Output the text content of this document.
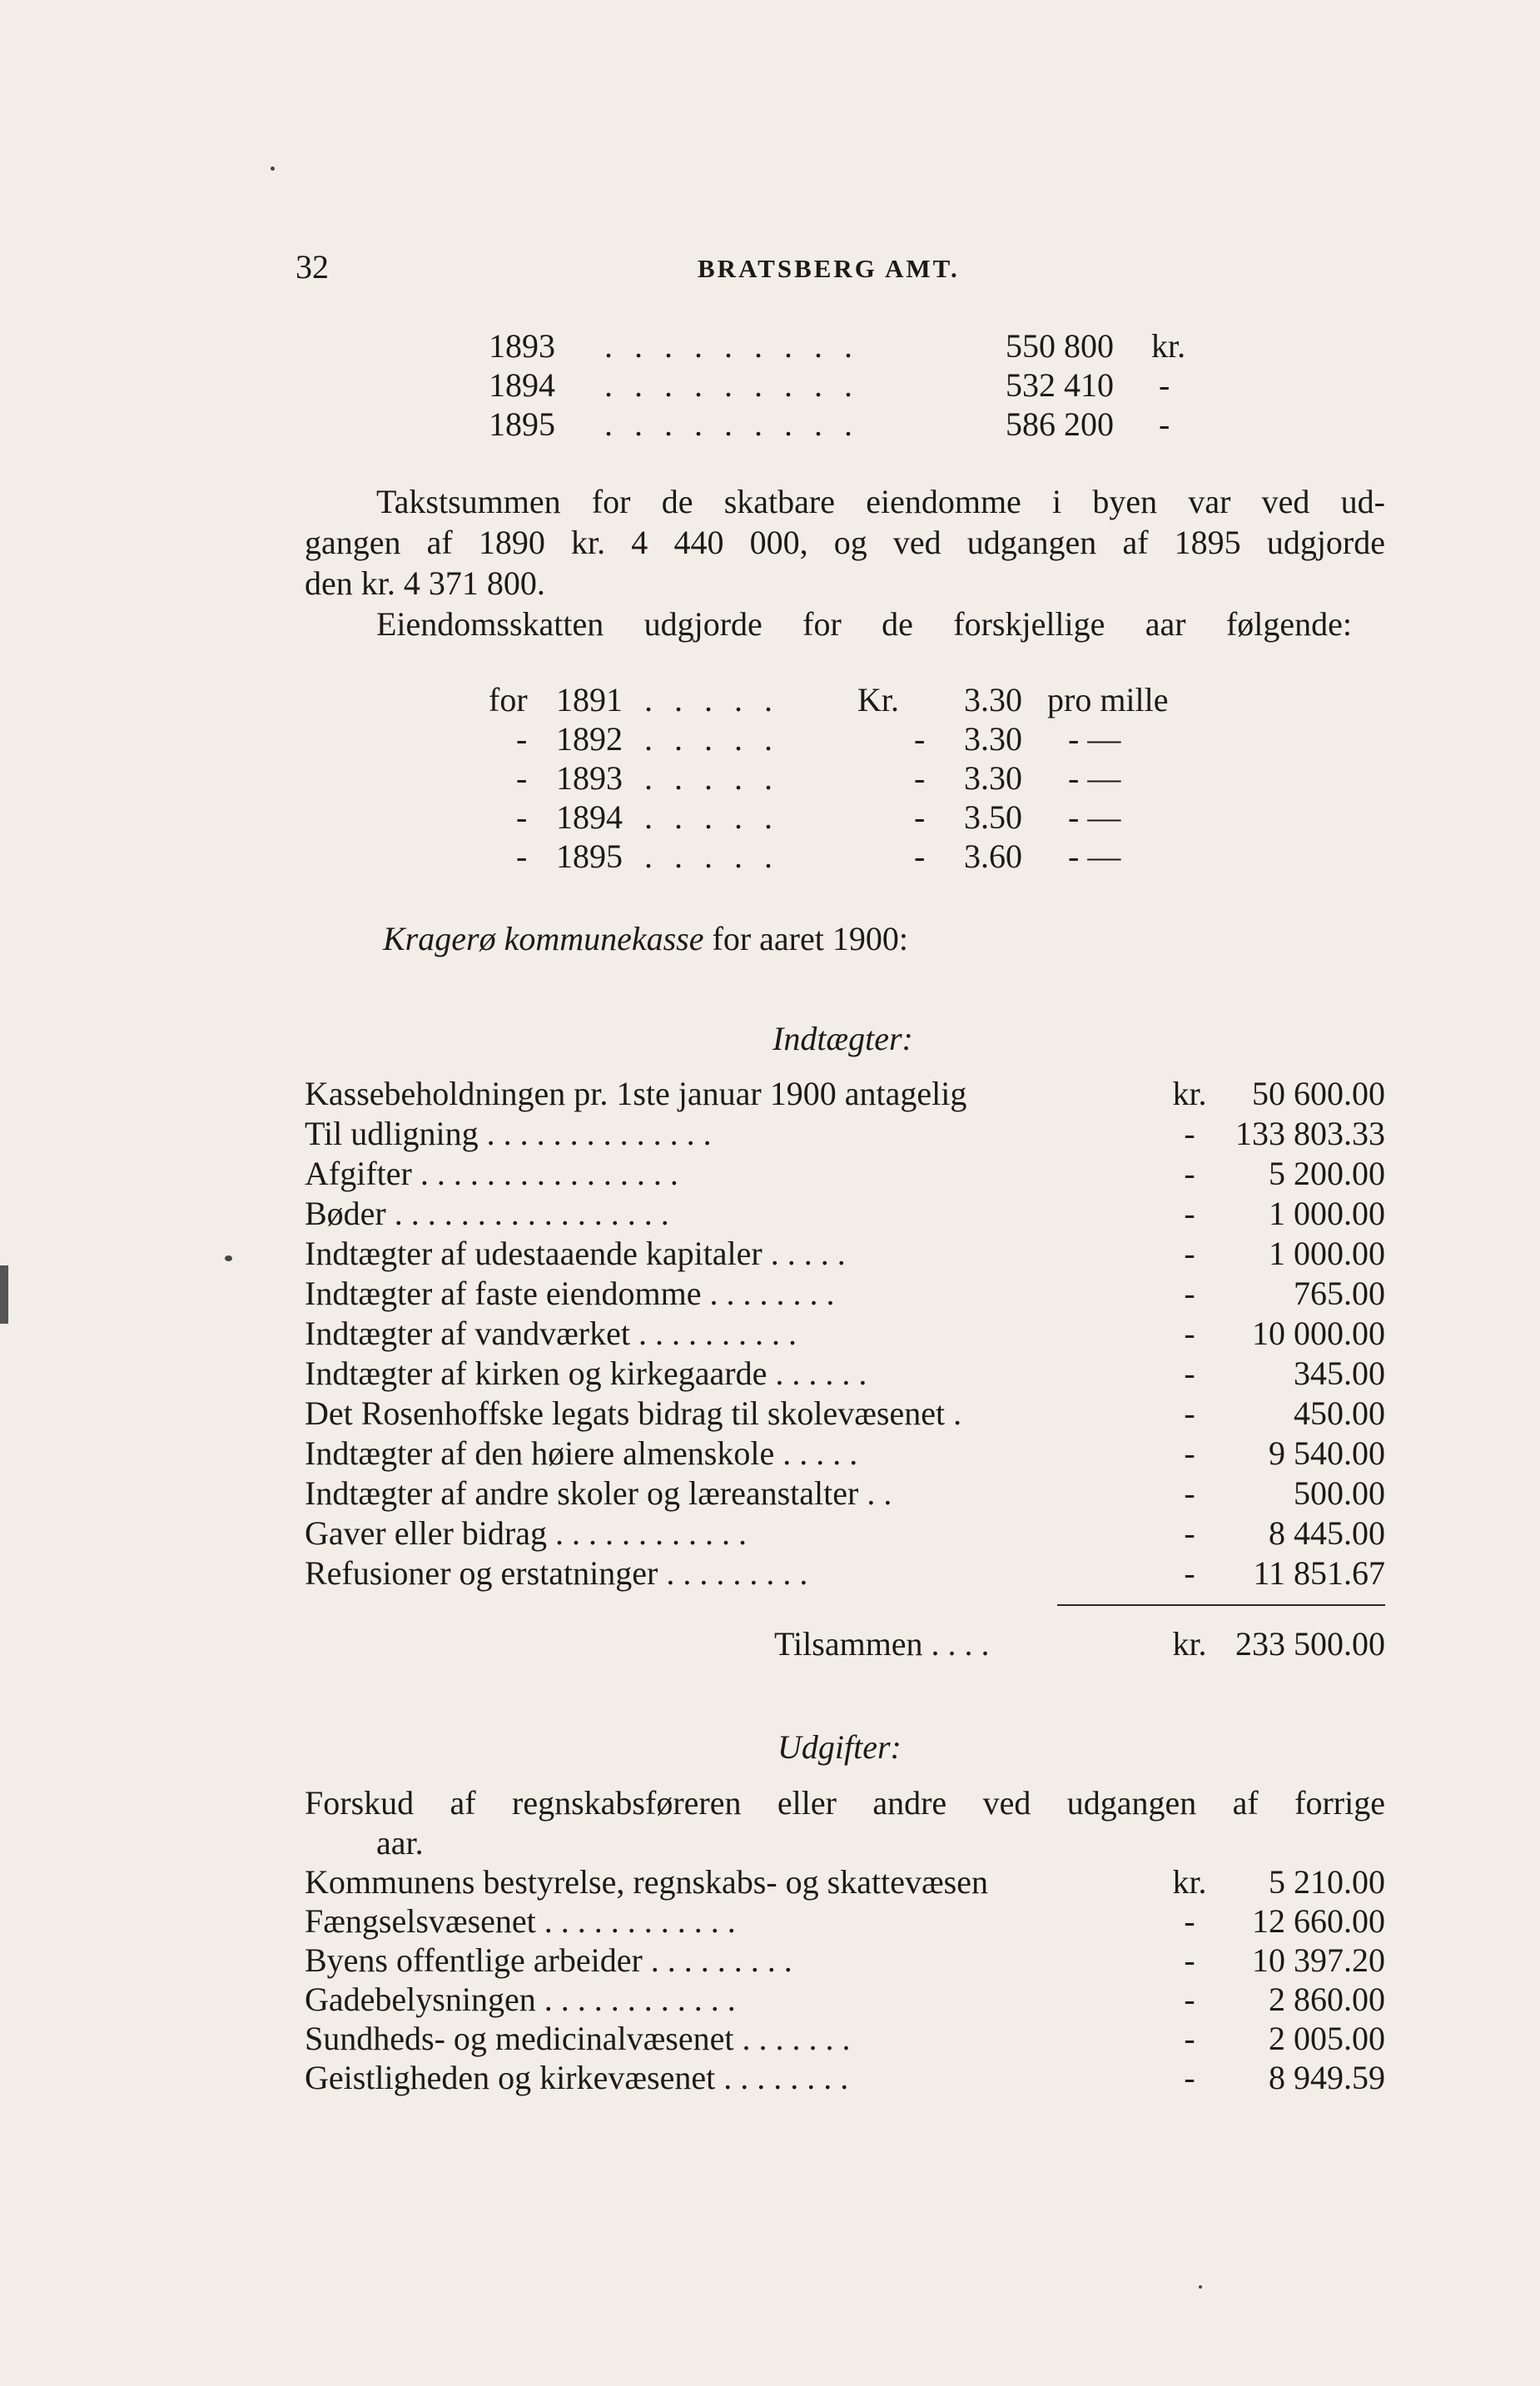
32	BRATSBERG AMT.
1893 . . . . . . . . .	550 800 kr.
1894 . . . . . . . . .	532 410 -
1895 . . . . . . . . .	586 200 -
Takstsummen for de skatbare eiendomme i byen var ved ud-
gangen af 1890 kr. 4 440 000, og ved udgangen af 1895 udgjorde
den kr. 4 371 800.
Eiendomsskatten udgjorde for de forskjellige aar følgende:
for 1891 . . . . . Kr. 3.30 pro mille
- 1892 . . . . .	- 3.30 - —
- 1893 . . . . .	- 3.30 - —
- 1894 . . . . .	- 3.50 - —
- 1895 . . . . .	- 3.60 - —
Kragerø kommunekasse for aaret 1900:
Indtægter:
Kassebeholdningen pr. 1ste januar 1900 antagelig	kr.	50 600.00
Til udligning . . . . . . . . . . . . . .	-	133 803.33
Afgifter . . . . . . . . . . . . . . . .	-	5 200.00
Bøder . . . . . . . . . . . . . . . . .	-	1 000.00
Indtægter af udestaaende kapitaler . . . . .	-	1 000.00
Indtægter af faste eiendomme . . . . . . . .	-	765.00
Indtægter af vandværket . . . . . . . . . .	-	10 000.00
Indtægter af kirken og kirkegaarde . . . . . .	-	345.00
Det Rosenhoffske legats bidrag til skolevæsenet .	-	450.00
Indtægter af den høiere almenskole . . . . .	-	9 540.00
Indtægter af andre skoler og læreanstalter . .	-	500.00
Gaver eller bidrag . . . . . . . . . . . .	-	8 445.00
Refusioner og erstatninger . . . . . . . . .	-	11 851.67
Tilsammen . . . .	kr. 233 500.00
Udgifter:
Forskud af regnskabsføreren eller andre ved udgangen af forrige
aar.
Kommunens bestyrelse, regnskabs- og skattevæsen	kr.	5 210.00
Fængselsvæsenet . . . . . . . . . . . .	-	12 660.00
Byens offentlige arbeider . . . . . . . . .	-	10 397.20
Gadebelysningen . . . . . . . . . . . .	-	2 860.00
Sundheds- og medicinalvæsenet . . . . . . .	-	2 005.00
Geistligheden og kirkevæsenet . . . . . . . .	-	8 949.59
